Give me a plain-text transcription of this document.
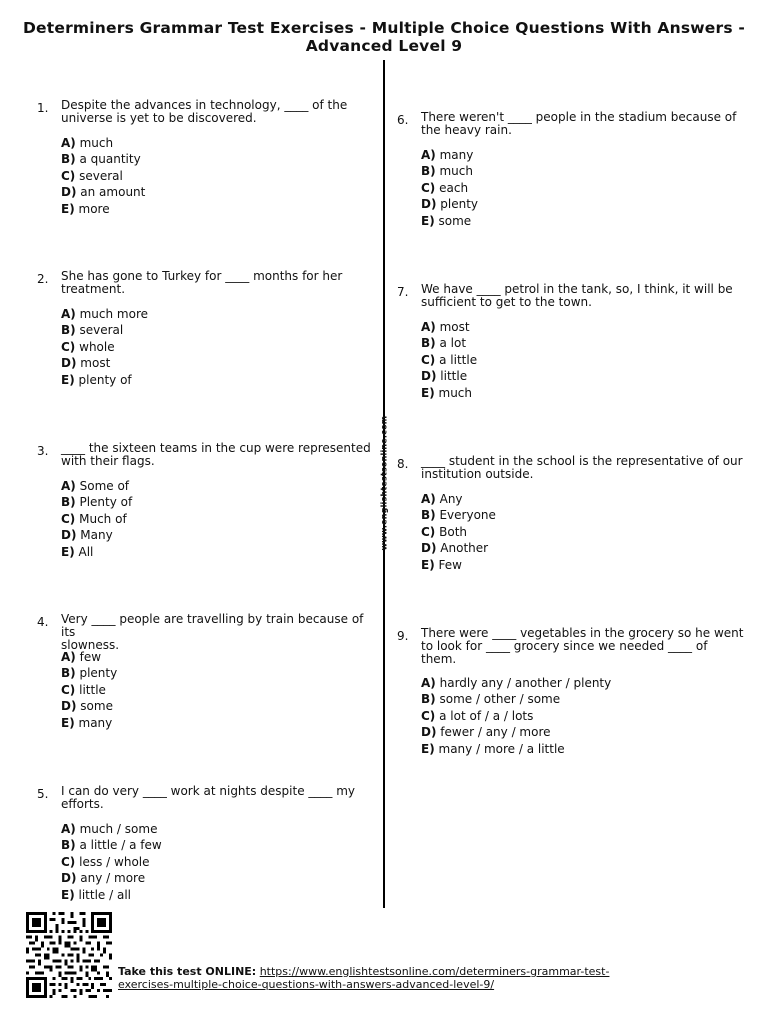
Determiners Grammar Test Exercises - Multiple Choice Questions With Answers - Advanced Level 9
www.englishtestsonline.com
1. Despite the advances in technology, ____ of the
universe is yet to be discovered.
A) much
B) a quantity
C) several
D) an amount
E) more
2. She has gone to Turkey for ____ months for her
treatment.
A) much more
B) several
C) whole
D) most
E) plenty of
3. ____ the sixteen teams in the cup were represented
with their flags.
A) Some of
B) Plenty of
C) Much of
D) Many
E) All
4. Very ____ people are travelling by train because of its
slowness.
A) few
B) plenty
C) little
D) some
E) many
5. I can do very ____ work at nights despite ____ my
efforts.
A) much / some
B) a little / a few
C) less / whole
D) any / more
E) little / all
6. There weren't ____ people in the stadium because of
the heavy rain.
A) many
B) much
C) each
D) plenty
E) some
7. We have ____ petrol in the tank, so, I think, it will be
sufficient to get to the town.
A) most
B) a lot
C) a little
D) little
E) much
8. ____ student in the school is the representative of our
institution outside.
A) Any
B) Everyone
C) Both
D) Another
E) Few
9. There were ____ vegetables in the grocery so he went
to look for ____ grocery since we needed ____ of
them.
A) hardly any / another / plenty
B) some / other / some
C) a lot of / a / lots
D) fewer / any / more
E) many / more / a little
Take this test ONLINE: https://www.englishtestsonline.com/determiners-grammar-test-exercises-multiple-choice-questions-with-answers-advanced-level-9/
